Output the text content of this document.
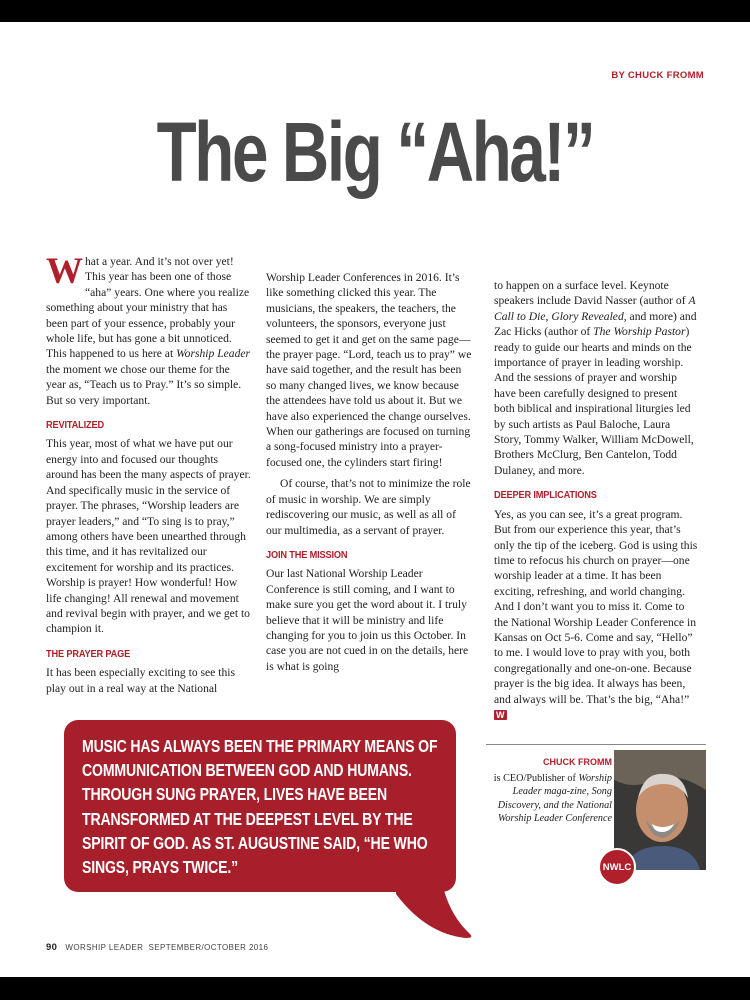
BY CHUCK FROMM
The Big “Aha!”

What a year. And it’s not over yet! This year has been one of those “aha” years. One where you realize something about your ministry that has been part of your essence, probably your whole life, but has gone a bit unnoticed. This happened to us here at Worship Leader the moment we chose our theme for the year as, “Teach us to Pray.” It’s so simple. But so very important.

REVITALIZED

This year, most of what we have put our energy into and focused our thoughts around has been the many aspects of prayer. And specifically music in the service of prayer. The phrases, “Worship leaders are prayer leaders,” and “To sing is to pray,” among others have been unearthed through this time, and it has revitalized our excitement for worship and its practices. Worship is prayer! How wonderful! How life changing! All renewal and movement and revival begin with prayer, and we get to champion it.

THE PRAYER PAGE

It has been especially exciting to see this play out in a real way at the National

Worship Leader Conferences in 2016. It’s like something clicked this year. The musicians, the speakers, the teachers, the volunteers, the sponsors, everyone just seemed to get it and get on the same page—the prayer page. “Lord, teach us to pray” we have said together, and the result has been so many changed lives, we know because the attendees have told us about it. But we have also experienced the change ourselves. When our gatherings are focused on turning a song-focused ministry into a prayer-focused one, the cylinders start firing!

Of course, that’s not to minimize the role of music in worship. We are simply rediscovering our music, as well as all of our multimedia, as a servant of prayer.

JOIN THE MISSION

Our last National Worship Leader Conference is still coming, and I want to make sure you get the word about it. I truly believe that it will be ministry and life changing for you to join us this October. In case you are not cued in on the details, here is what is going

to happen on a surface level. Keynote speakers include David Nasser (author of A Call to Die, Glory Revealed, and more) and Zac Hicks (author of The Worship Pastor) ready to guide our hearts and minds on the importance of prayer in leading worship. And the sessions of prayer and worship have been carefully designed to present both biblical and inspirational liturgies led by such artists as Paul Baloche, Laura Story, Tommy Walker, William McDowell, Brothers McClurg, Ben Cantelon, Todd Dulaney, and more.

DEEPER IMPLICATIONS

Yes, as you can see, it’s a great program. But from our experience this year, that’s only the tip of the iceberg. God is using this time to refocus his church on prayer—one worship leader at a time. It has been exciting, refreshing, and world changing. And I don’t want you to miss it. Come to the National Worship Leader Conference in Kansas on Oct 5-6. Come and say, “Hello” to me. I would love to pray with you, both congregationally and one-on-one. Because prayer is the big idea. It always has been, and always will be. That’s the big, “Aha!” W

MUSIC HAS ALWAYS BEEN THE PRIMARY MEANS OF COMMUNICATION BETWEEN GOD AND HUMANS. THROUGH SUNG PRAYER, LIVES HAVE BEEN TRANSFORMED AT THE DEEPEST LEVEL BY THE SPIRIT OF GOD. AS ST. AUGUSTINE SAID, “HE WHO SINGS, PRAYS TWICE.”
CHUCK FROMM
is CEO/Publisher of Worship Leader maga-zine, Song Discovery, and the National Worship Leader Conference
NWLC
90 WORSHIP LEADER SEPTEMBER/OCTOBER 2016
